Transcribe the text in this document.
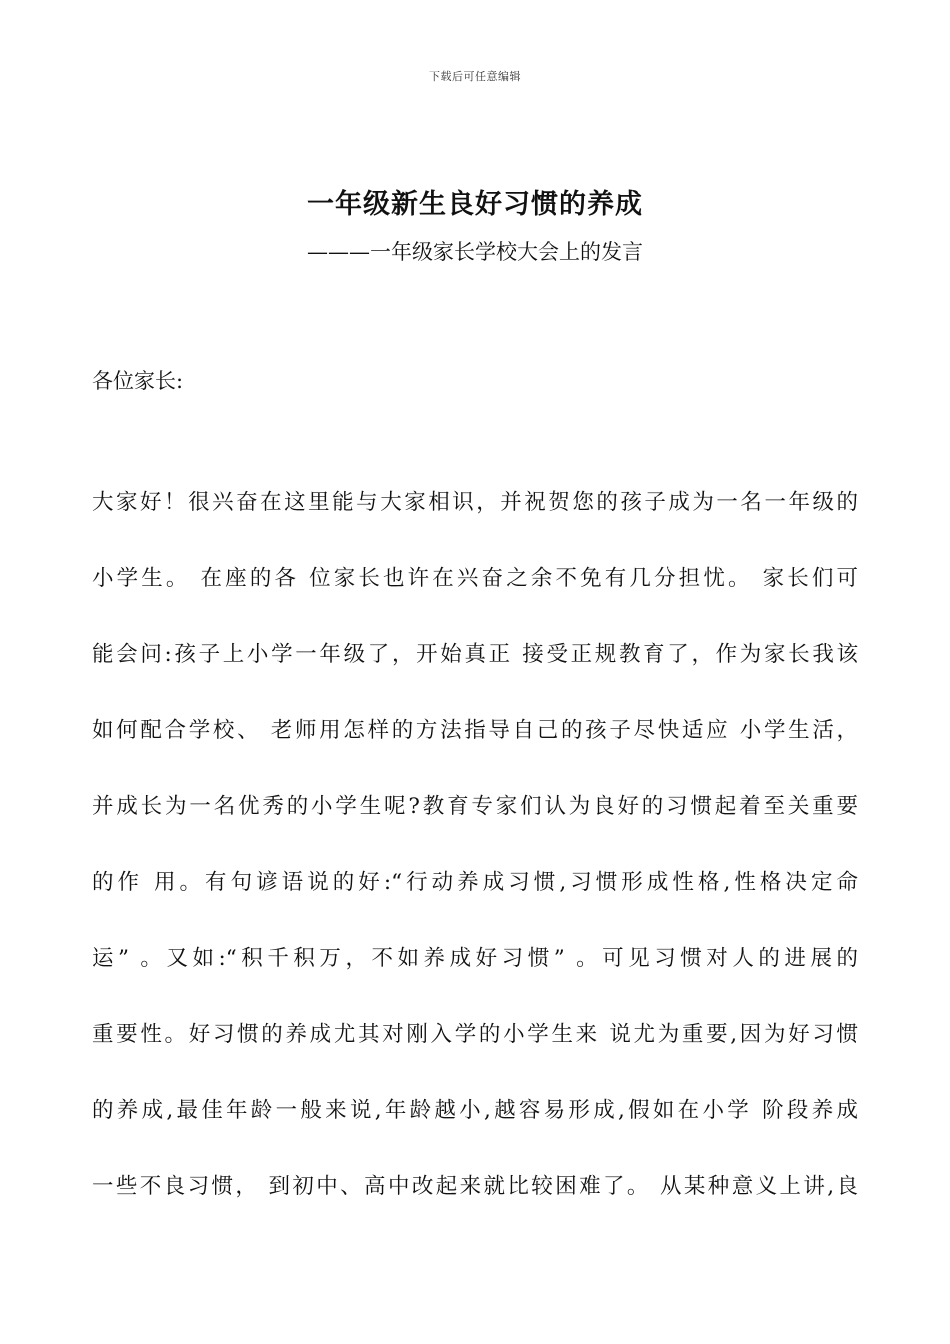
下载后可任意编辑
一年级新生良好习惯的养成
———一年级家长学校大会上的发言
各位家长:
大家好！很兴奋在这里能与大家相识，并祝贺您的孩子成为一名一年级的
小学生。 在座的各 位家长也许在兴奋之余不免有几分担忧。 家长们可
能会问:孩子上小学一年级了，开始真正 接受正规教育了，作为家长我该
如何配合学校、 老师用怎样的方法指导自己的孩子尽快适应 小学生活，
并成长为一名优秀的小学生呢?教育专家们认为良好的习惯起着至关重要
的作 用。有句谚语说的好:“行动养成习惯,习惯形成性格,性格决定命
运” 。又如:“积千积万，不如养成好习惯” 。可见习惯对人的进展的
重要性。好习惯的养成尤其对刚入学的小学生来 说尤为重要,因为好习惯
的养成,最佳年龄一般来说,年龄越小,越容易形成,假如在小学 阶段养成
一些不良习惯， 到初中、高中改起来就比较困难了。 从某种意义上讲,良
